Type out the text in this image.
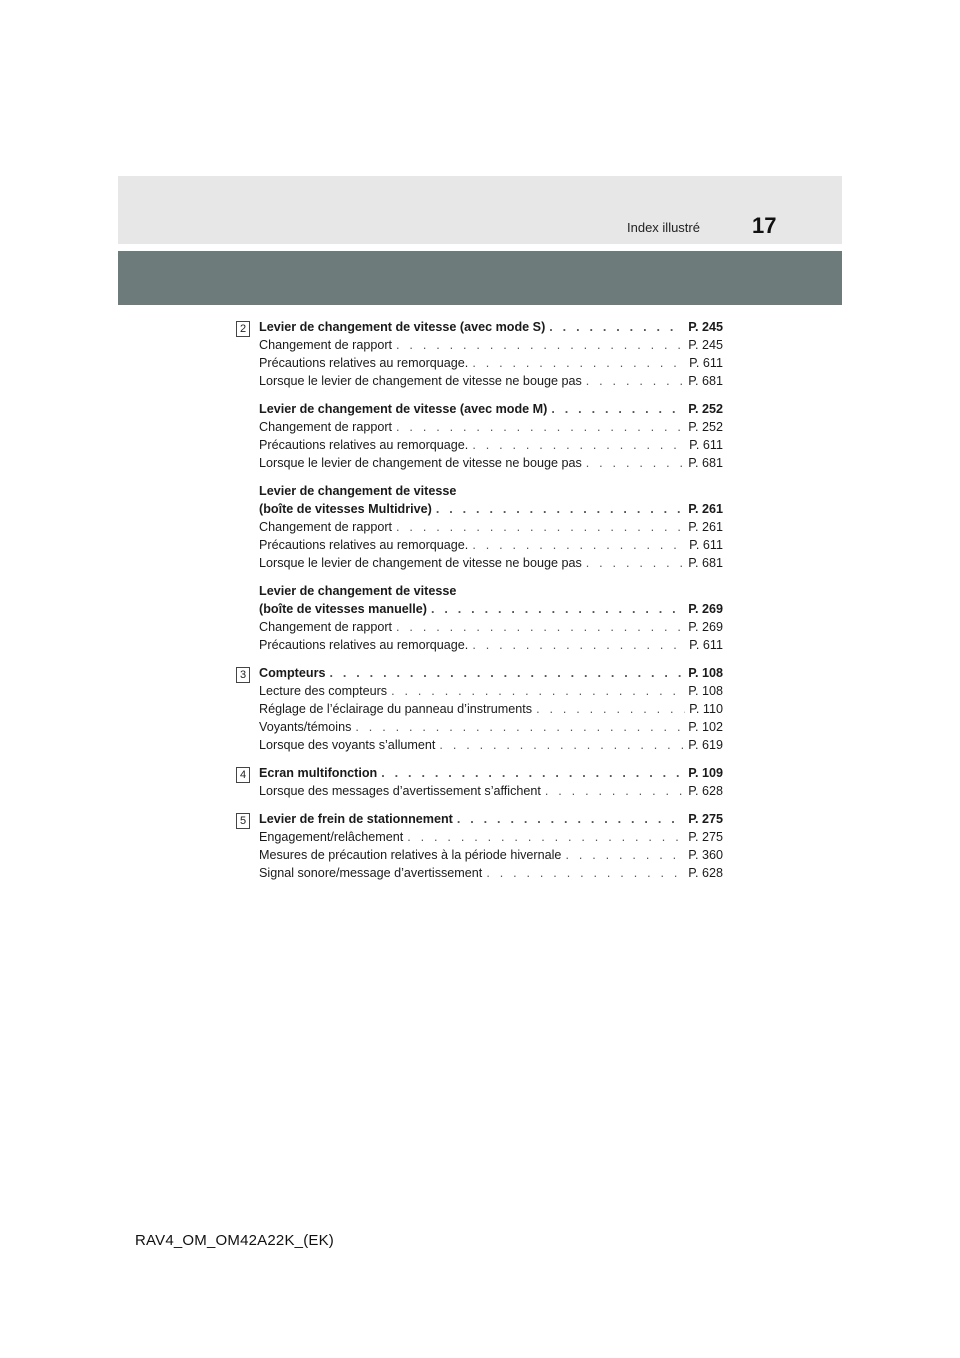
Index illustré 17
2	Levier de changement de vitesse (avec mode S) . . .	P. 245
Changement de rapport . . .	P. 245
Précautions relatives au remorquage. . . .	P. 611
Lorsque le levier de changement de vitesse ne bouge pas . . .	P. 681
Levier de changement de vitesse (avec mode M) . . .	P. 252
Changement de rapport . . .	P. 252
Précautions relatives au remorquage. . . .	P. 611
Lorsque le levier de changement de vitesse ne bouge pas . . .	P. 681
Levier de changement de vitesse
(boîte de vitesses Multidrive) . . .	P. 261
Changement de rapport . . .	P. 261
Précautions relatives au remorquage. . . .	P. 611
Lorsque le levier de changement de vitesse ne bouge pas . . .	P. 681
Levier de changement de vitesse
(boîte de vitesses manuelle) . . .	P. 269
Changement de rapport . . .	P. 269
Précautions relatives au remorquage. . . .	P. 611
3	Compteurs . . .	P. 108
Lecture des compteurs . . .	P. 108
Réglage de l’éclairage du panneau d’instruments . . .	P. 110
Voyants/témoins . . .	P. 102
Lorsque des voyants s’allument . . .	P. 619
4	Ecran multifonction . . .	P. 109
Lorsque des messages d’avertissement s’affichent . . .	P. 628
5	Levier de frein de stationnement . . .	P. 275
Engagement/relâchement . . .	P. 275
Mesures de précaution relatives à la période hivernale . . .	P. 360
Signal sonore/message d’avertissement . . .	P. 628
RAV4_OM_OM42A22K_(EK)
